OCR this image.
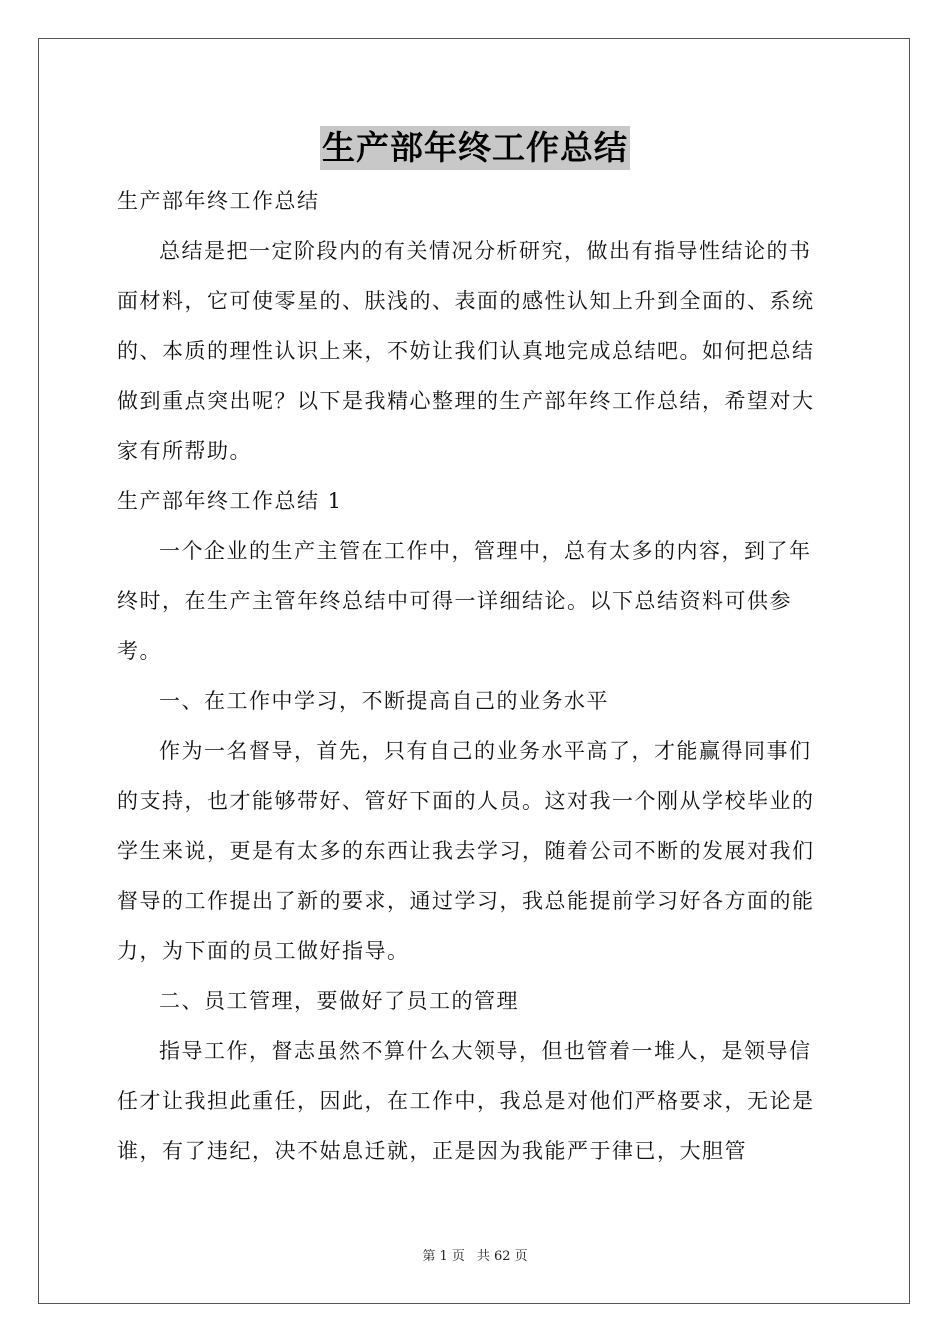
生产部年终工作总结

生产部年终工作总结

总结是把一定阶段内的有关情况分析研究，做出有指导性结论的书面材料，它可使零星的、肤浅的、表面的感性认知上升到全面的、系统的、本质的理性认识上来，不妨让我们认真地完成总结吧。如何把总结做到重点突出呢？以下是我精心整理的生产部年终工作总结，希望对大家有所帮助。

生产部年终工作总结 1

一个企业的生产主管在工作中，管理中，总有太多的内容，到了年终时，在生产主管年终总结中可得一详细结论。以下总结资料可供参考。

一、在工作中学习，不断提高自己的业务水平

作为一名督导，首先，只有自己的业务水平高了，才能赢得同事们的支持，也才能够带好、管好下面的人员。这对我一个刚从学校毕业的学生来说，更是有太多的东西让我去学习，随着公司不断的发展对我们督导的工作提出了新的要求，通过学习，我总能提前学习好各方面的能力，为下面的员工做好指导。

二、员工管理，要做好了员工的管理

指导工作，督志虽然不算什么大领导，但也管着一堆人，是领导信任才让我担此重任，因此，在工作中，我总是对他们严格要求，无论是谁，有了违纪，决不姑息迁就，正是因为我能严于律已，大胆管

第 1 页 共 62 页
